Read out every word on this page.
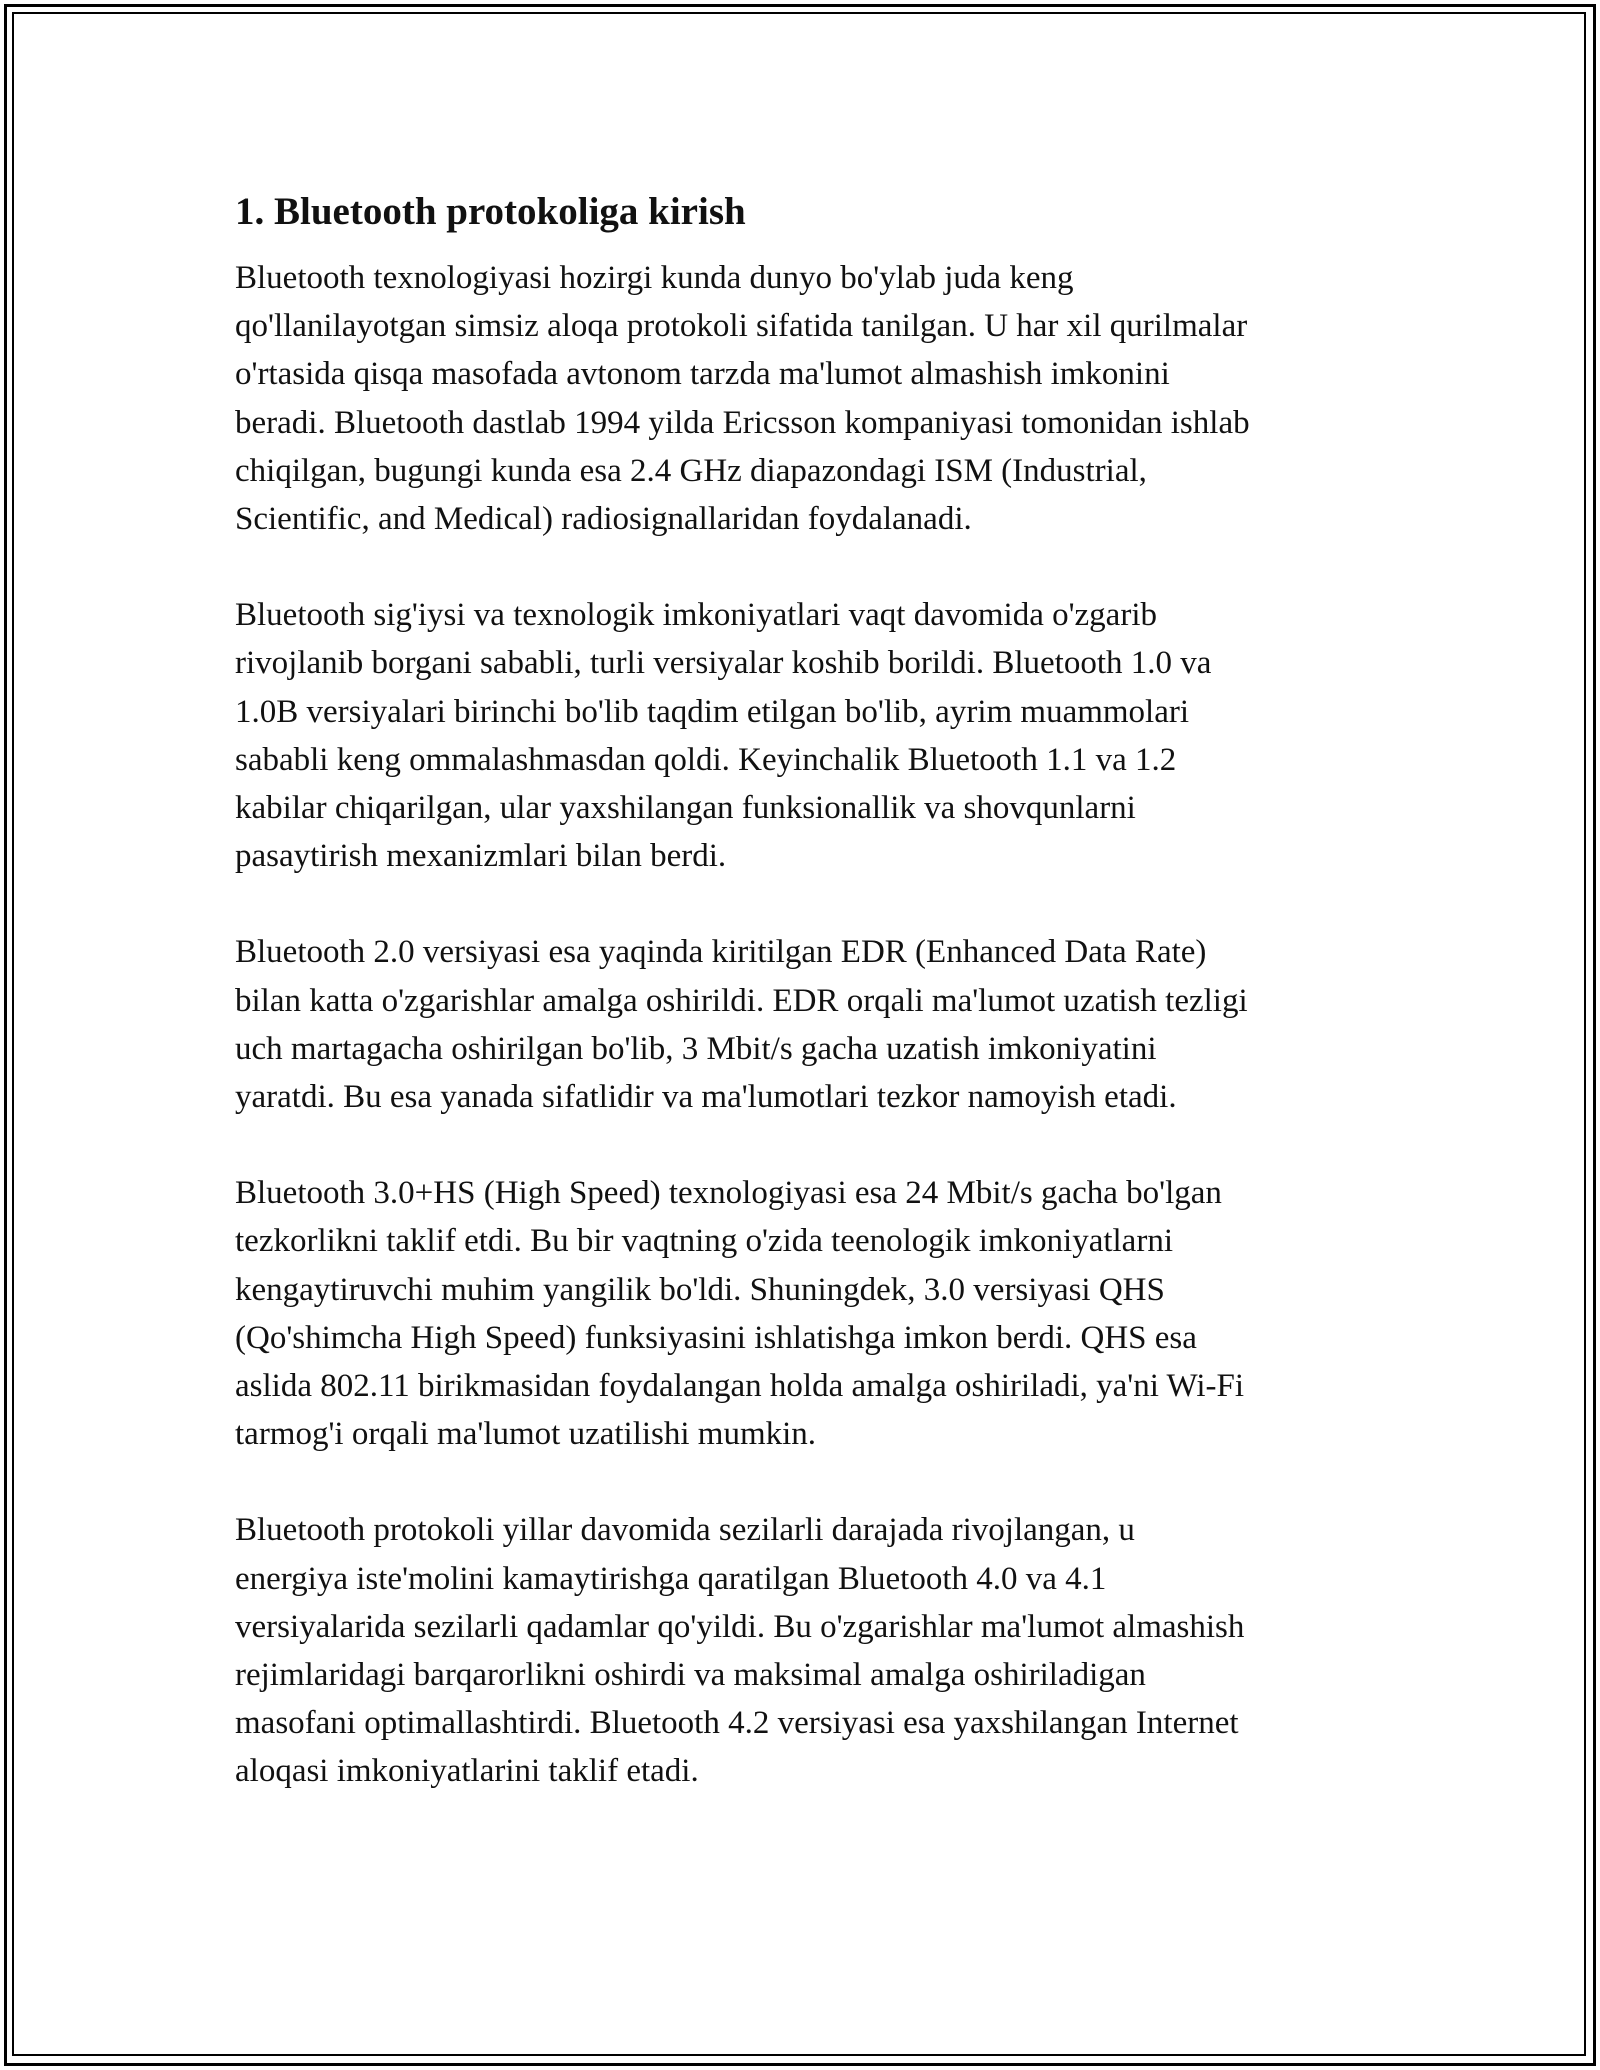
1. Bluetooth protokoliga kirish

Bluetooth texnologiyasi hozirgi kunda dunyo bo'ylab juda keng
qo'llanilayotgan simsiz aloqa protokoli sifatida tanilgan. U har xil qurilmalar
o'rtasida qisqa masofada avtonom tarzda ma'lumot almashish imkonini
beradi. Bluetooth dastlab 1994 yilda Ericsson kompaniyasi tomonidan ishlab
chiqilgan, bugungi kunda esa 2.4 GHz diapazondagi ISM (Industrial,
Scientific, and Medical) radiosignallaridan foydalanadi.

Bluetooth sig'iysi va texnologik imkoniyatlari vaqt davomida o'zgarib
rivojlanib borgani sababli, turli versiyalar koshib borildi. Bluetooth 1.0 va
1.0B versiyalari birinchi bo'lib taqdim etilgan bo'lib, ayrim muammolari
sababli keng ommalashmasdan qoldi. Keyinchalik Bluetooth 1.1 va 1.2
kabilar chiqarilgan, ular yaxshilangan funksionallik va shovqunlarni
pasaytirish mexanizmlari bilan berdi.

Bluetooth 2.0 versiyasi esa yaqinda kiritilgan EDR (Enhanced Data Rate)
bilan katta o'zgarishlar amalga oshirildi. EDR orqali ma'lumot uzatish tezligi
uch martagacha oshirilgan bo'lib, 3 Mbit/s gacha uzatish imkoniyatini
yaratdi. Bu esa yanada sifatlidir va ma'lumotlari tezkor namoyish etadi.

Bluetooth 3.0+HS (High Speed) texnologiyasi esa 24 Mbit/s gacha bo'lgan
tezkorlikni taklif etdi. Bu bir vaqtning o'zida teenologik imkoniyatlarni
kengaytiruvchi muhim yangilik bo'ldi. Shuningdek, 3.0 versiyasi QHS
(Qo'shimcha High Speed) funksiyasini ishlatishga imkon berdi. QHS esa
aslida 802.11 birikmasidan foydalangan holda amalga oshiriladi, ya'ni Wi-Fi
tarmog'i orqali ma'lumot uzatilishi mumkin.

Bluetooth protokoli yillar davomida sezilarli darajada rivojlangan, u
energiya iste'molini kamaytirishga qaratilgan Bluetooth 4.0 va 4.1
versiyalarida sezilarli qadamlar qo'yildi. Bu o'zgarishlar ma'lumot almashish
rejimlaridagi barqarorlikni oshirdi va maksimal amalga oshiriladigan
masofani optimallashtirdi. Bluetooth 4.2 versiyasi esa yaxshilangan Internet
aloqasi imkoniyatlarini taklif etadi.
